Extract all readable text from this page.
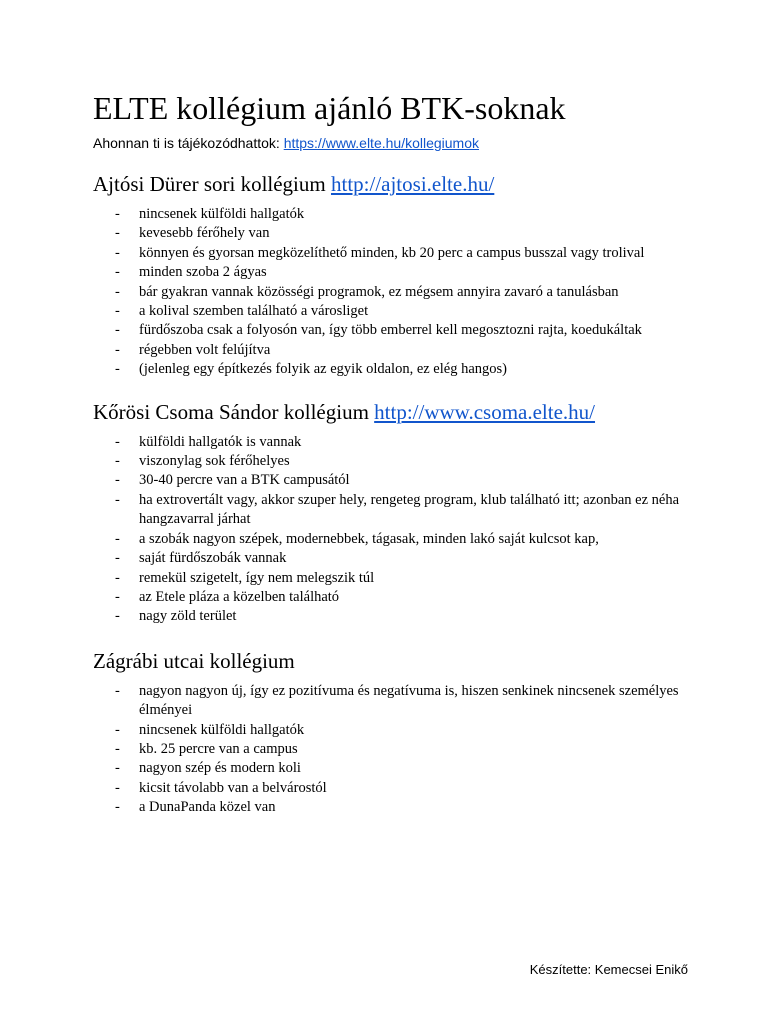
ELTE kollégium ajánló BTK-soknak
Ahonnan ti is tájékozódhattok: https://www.elte.hu/kollegiumok
Ajtósi Dürer sori kollégium http://ajtosi.elte.hu/
- nincsenek külföldi hallgatók
- kevesebb férőhely van
- könnyen és gyorsan megközelíthető minden, kb 20 perc a campus busszal vagy trolival
- minden szoba 2 ágyas
- bár gyakran vannak közösségi programok, ez mégsem annyira zavaró a tanulásban
- a kolival szemben található a városliget
- fürdőszoba csak a folyosón van, így több emberrel kell megosztozni rajta, koedukáltak
- régebben volt felújítva
- (jelenleg egy építkezés folyik az egyik oldalon, ez elég hangos)
Kőrösi Csoma Sándor kollégium http://www.csoma.elte.hu/
- külföldi hallgatók is vannak
- viszonylag sok férőhelyes
- 30-40 percre van a BTK campusától
- ha extrovertált vagy, akkor szuper hely, rengeteg program, klub található itt; azonban ez néha hangzavarral járhat
- a szobák nagyon szépek, modernebbek, tágasak, minden lakó saját kulcsot kap,
- saját fürdőszobák vannak
- remekül szigetelt, így nem melegszik túl
- az Etele pláza a közelben található
- nagy zöld terület
Zágrábi utcai kollégium
- nagyon nagyon új, így ez pozitívuma és negatívuma is, hiszen senkinek nincsenek személyes élményei
- nincsenek külföldi hallgatók
- kb. 25 percre van a campus
- nagyon szép és modern koli
- kicsit távolabb van a belvárostól
- a DunaPanda közel van
Készítette: Kemecsei Enikő
